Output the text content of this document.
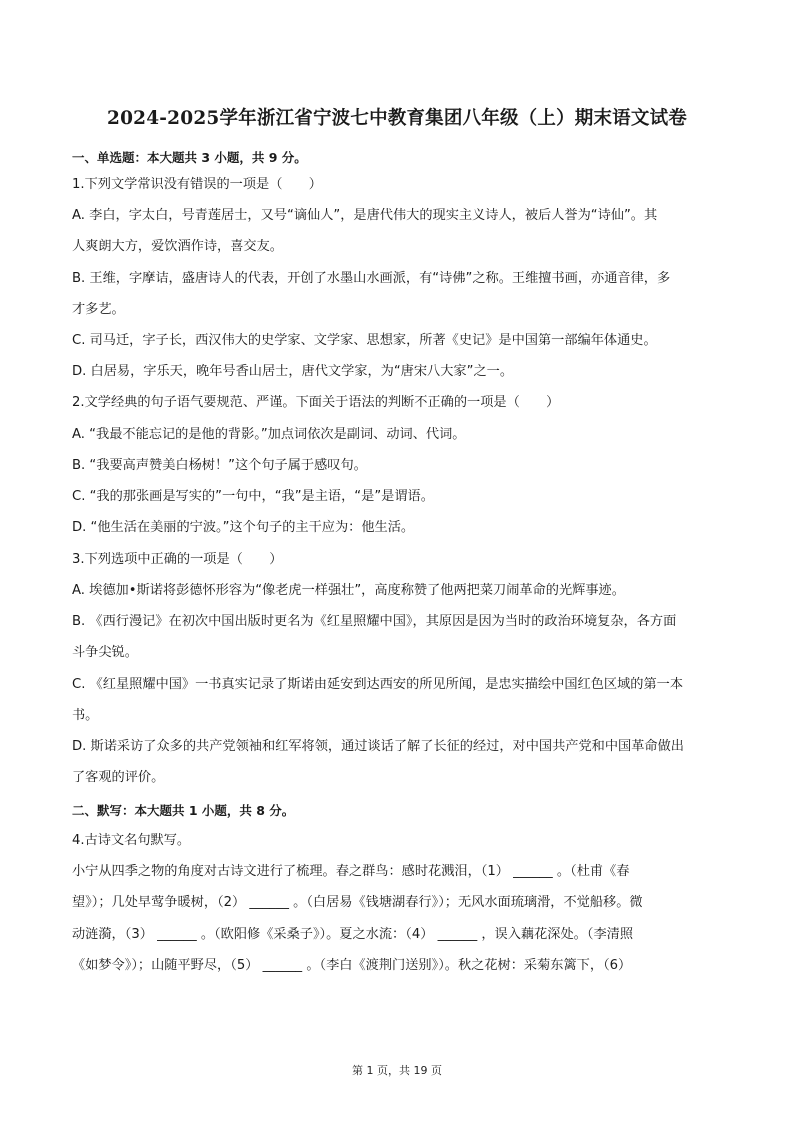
2024-2025学年浙江省宁波七中教育集团八年级（上）期末语文试卷
一、单选题：本大题共 3 小题，共 9 分。
1.下列文学常识没有错误的一项是（　　）
A. 李白，字太白，号青莲居士，又号“谪仙人”，是唐代伟大的现实主义诗人，被后人誉为“诗仙”。其
人爽朗大方，爱饮酒作诗，喜交友。
B. 王维，字摩诘，盛唐诗人的代表，开创了水墨山水画派，有“诗佛”之称。王维擅书画，亦通音律，多
才多艺。
C. 司马迁，字子长，西汉伟大的史学家、文学家、思想家，所著《史记》是中国第一部编年体通史。
D. 白居易，字乐天，晚年号香山居士，唐代文学家，为“唐宋八大家”之一。
2.文学经典的句子语气要规范、严谨。下面关于语法的判断不正确的一项是（　　）
A. “我最不能忘记的是他的背影。”加点词依次是副词、动词、代词。
B. “我要高声赞美白杨树！”这个句子属于感叹句。
C. “我的那张画是写实的”一句中，“我”是主语，“是”是谓语。
D. “他生活在美丽的宁波。”这个句子的主干应为：他生活。
3.下列选项中正确的一项是（　　）
A. 埃德加•斯诺将彭德怀形容为“像老虎一样强壮”，高度称赞了他两把菜刀闹革命的光辉事迹。
B. 《西行漫记》在初次中国出版时更名为《红星照耀中国》，其原因是因为当时的政治环境复杂，各方面
斗争尖锐。
C. 《红星照耀中国》一书真实记录了斯诺由延安到达西安的所见所闻，是忠实描绘中国红色区域的第一本
书。
D. 斯诺采访了众多的共产党领袖和红军将领，通过谈话了解了长征的经过，对中国共产党和中国革命做出
了客观的评价。
二、默写：本大题共 1 小题，共 8 分。
4.古诗文名句默写。
小宁从四季之物的角度对古诗文进行了梳理。春之群鸟：感时花溅泪，（1） ______ 。（杜甫《春
望》）；几处早莺争暖树，（2） ______ 。（白居易《钱塘湖春行》）；无风水面琉璃滑，不觉船移。微
动涟漪，（3） ______ 。（欧阳修《采桑子》）。夏之水流：（4） ______ ，误入藕花深处。（李清照
《如梦令》）；山随平野尽，（5） ______ 。（李白《渡荆门送别》）。秋之花树：采菊东篱下，（6）
第 1 页，共 19 页
